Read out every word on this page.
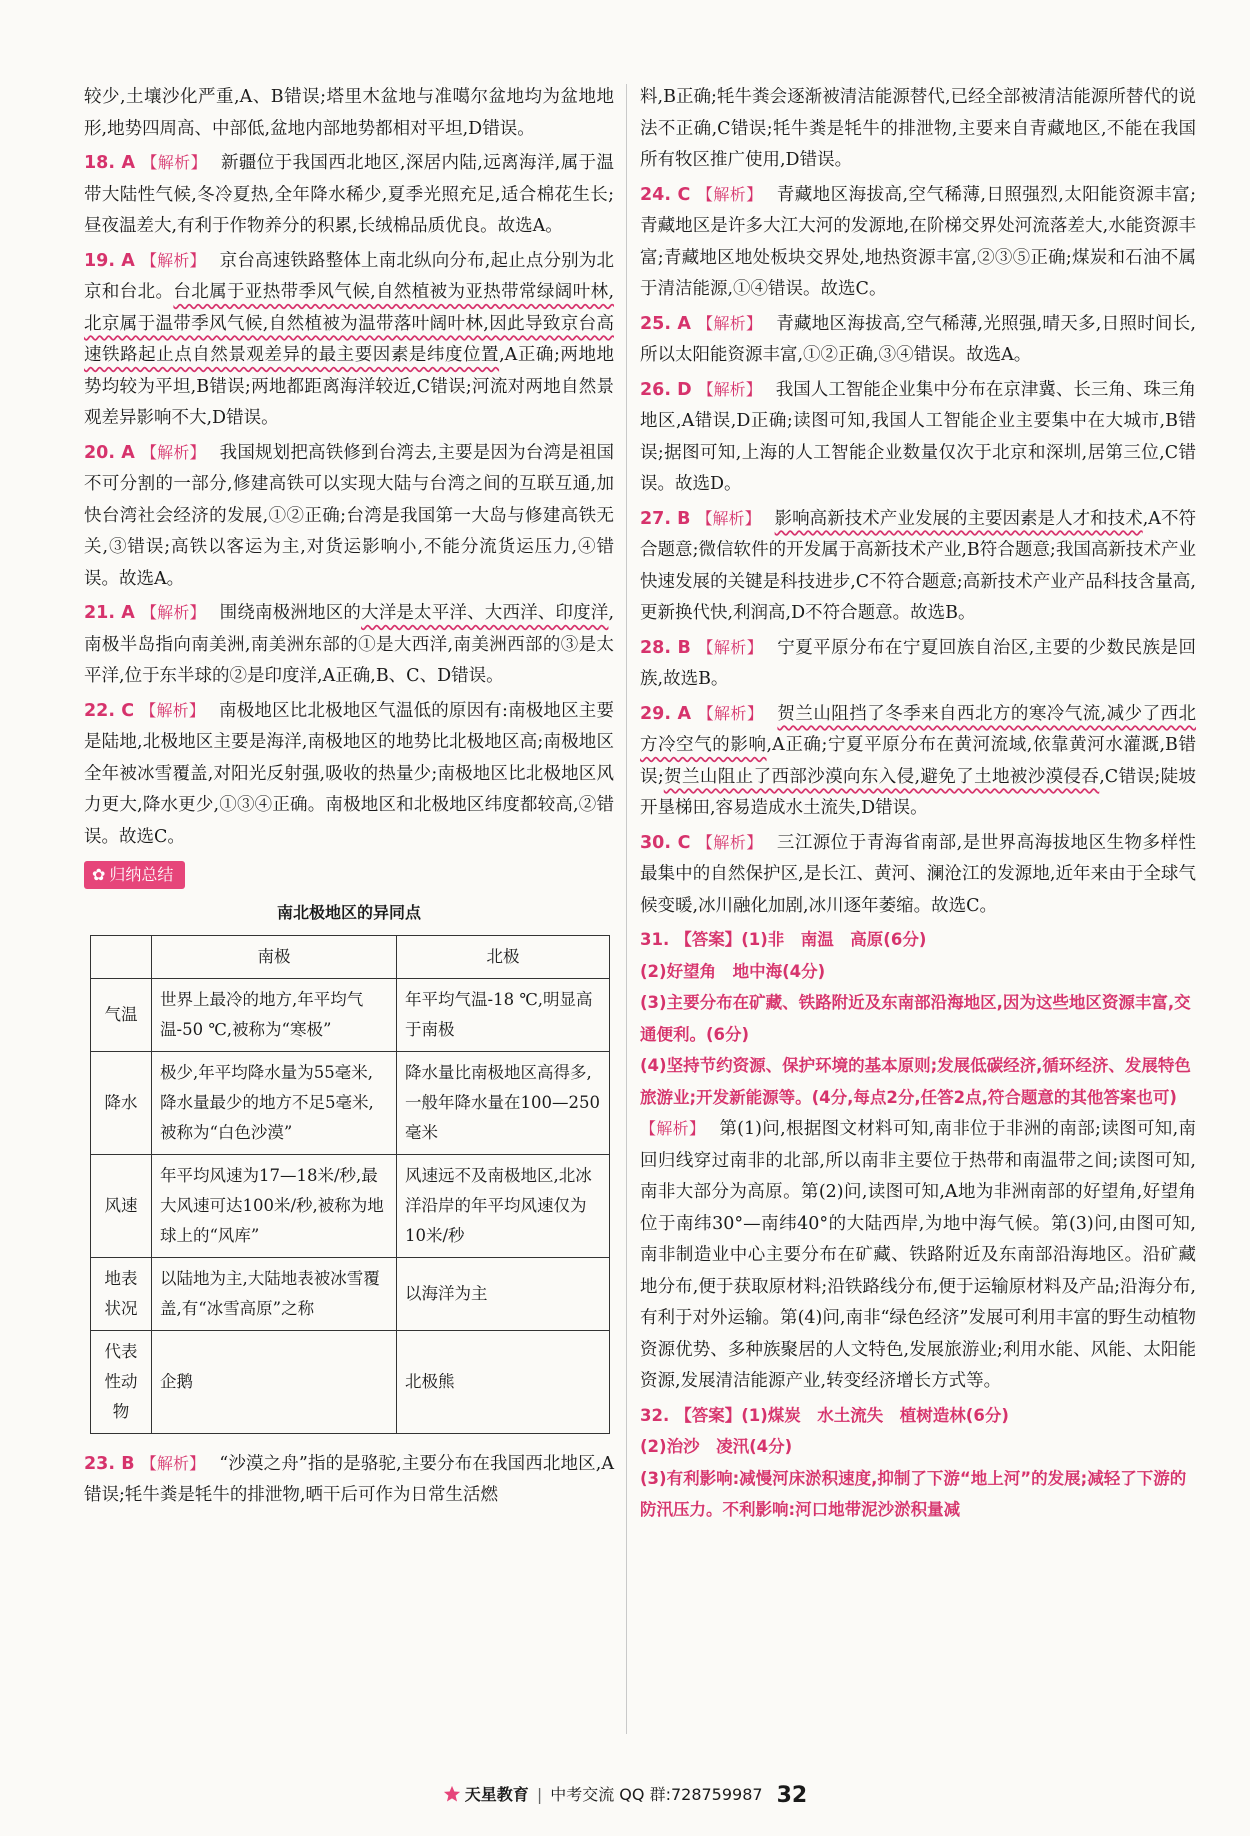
较少,土壤沙化严重,A、B错误;塔里木盆地与准噶尔盆地均为盆地地形,地势四周高、中部低,盆地内部地势都相对平坦,D错误。

18. A 【解析】 新疆位于我国西北地区,深居内陆,远离海洋,属于温带大陆性气候,冬冷夏热,全年降水稀少,夏季光照充足,适合棉花生长;昼夜温差大,有利于作物养分的积累,长绒棉品质优良。故选A。

19. A 【解析】 京台高速铁路整体上南北纵向分布,起止点分别为北京和台北。台北属于亚热带季风气候,自然植被为亚热带常绿阔叶林,北京属于温带季风气候,自然植被为温带落叶阔叶林,因此导致京台高速铁路起止点自然景观差异的最主要因素是纬度位置,A正确;两地地势均较为平坦,B错误;两地都距离海洋较近,C错误;河流对两地自然景观差异影响不大,D错误。

20. A 【解析】 我国规划把高铁修到台湾去,主要是因为台湾是祖国不可分割的一部分,修建高铁可以实现大陆与台湾之间的互联互通,加快台湾社会经济的发展,①②正确;台湾是我国第一大岛与修建高铁无关,③错误;高铁以客运为主,对货运影响小,不能分流货运压力,④错误。故选A。

21. A 【解析】 围绕南极洲地区的大洋是太平洋、大西洋、印度洋,南极半岛指向南美洲,南美洲东部的①是大西洋,南美洲西部的③是太平洋,位于东半球的②是印度洋,A正确,B、C、D错误。

22. C 【解析】 南极地区比北极地区气温低的原因有:南极地区主要是陆地,北极地区主要是海洋,南极地区的地势比北极地区高;南极地区全年被冰雪覆盖,对阳光反射强,吸收的热量少;南极地区比北极地区风力更大,降水更少,①③④正确。南极地区和北极地区纬度都较高,②错误。故选C。

✿ 归纳总结
南北极地区的异同点
	南极	北极
气温	世界上最冷的地方,年平均气温-50 ℃,被称为“寒极”	年平均气温-18 ℃,明显高于南极
降水	极少,年平均降水量为55毫米,降水量最少的地方不足5毫米,被称为“白色沙漠”	降水量比南极地区高得多,一般年降水量在100—250毫米
风速	年平均风速为17—18米/秒,最大风速可达100米/秒,被称为地球上的“风库”	风速远不及南极地区,北冰洋沿岸的年平均风速仅为10米/秒
地表状况	以陆地为主,大陆地表被冰雪覆盖,有“冰雪高原”之称	以海洋为主
代表性动物	企鹅	北极熊

23. B 【解析】 “沙漠之舟”指的是骆驼,主要分布在我国西北地区,A错误;牦牛粪是牦牛的排泄物,晒干后可作为日常生活燃

料,B正确;牦牛粪会逐渐被清洁能源替代,已经全部被清洁能源所替代的说法不正确,C错误;牦牛粪是牦牛的排泄物,主要来自青藏地区,不能在我国所有牧区推广使用,D错误。

24. C 【解析】 青藏地区海拔高,空气稀薄,日照强烈,太阳能资源丰富;青藏地区是许多大江大河的发源地,在阶梯交界处河流落差大,水能资源丰富;青藏地区地处板块交界处,地热资源丰富,②③⑤正确;煤炭和石油不属于清洁能源,①④错误。故选C。

25. A 【解析】 青藏地区海拔高,空气稀薄,光照强,晴天多,日照时间长,所以太阳能资源丰富,①②正确,③④错误。故选A。

26. D 【解析】 我国人工智能企业集中分布在京津冀、长三角、珠三角地区,A错误,D正确;读图可知,我国人工智能企业主要集中在大城市,B错误;据图可知,上海的人工智能企业数量仅次于北京和深圳,居第三位,C错误。故选D。

27. B 【解析】 影响高新技术产业发展的主要因素是人才和技术,A不符合题意;微信软件的开发属于高新技术产业,B符合题意;我国高新技术产业快速发展的关键是科技进步,C不符合题意;高新技术产业产品科技含量高,更新换代快,利润高,D不符合题意。故选B。

28. B 【解析】 宁夏平原分布在宁夏回族自治区,主要的少数民族是回族,故选B。

29. A 【解析】 贺兰山阻挡了冬季来自西北方的寒冷气流,减少了西北方冷空气的影响,A正确;宁夏平原分布在黄河流域,依靠黄河水灌溉,B错误;贺兰山阻止了西部沙漠向东入侵,避免了土地被沙漠侵吞,C错误;陡坡开垦梯田,容易造成水土流失,D错误。

30. C 【解析】 三江源位于青海省南部,是世界高海拔地区生物多样性最集中的自然保护区,是长江、黄河、澜沧江的发源地,近年来由于全球气候变暖,冰川融化加剧,冰川逐年萎缩。故选C。

31. 【答案】(1)非　南温　高原(6分)

(2)好望角　地中海(4分)

(3)主要分布在矿藏、铁路附近及东南部沿海地区,因为这些地区资源丰富,交通便利。(6分)

(4)坚持节约资源、保护环境的基本原则;发展低碳经济,循环经济、发展特色旅游业;开发新能源等。(4分,每点2分,任答2点,符合题意的其他答案也可)

【解析】 第(1)问,根据图文材料可知,南非位于非洲的南部;读图可知,南回归线穿过南非的北部,所以南非主要位于热带和南温带之间;读图可知,南非大部分为高原。第(2)问,读图可知,A地为非洲南部的好望角,好望角位于南纬30°—南纬40°的大陆西岸,为地中海气候。第(3)问,由图可知,南非制造业中心主要分布在矿藏、铁路附近及东南部沿海地区。沿矿藏地分布,便于获取原材料;沿铁路线分布,便于运输原材料及产品;沿海分布,有利于对外运输。第(4)问,南非“绿色经济”发展可利用丰富的野生动植物资源优势、多种族聚居的人文特色,发展旅游业;利用水能、风能、太阳能资源,发展清洁能源产业,转变经济增长方式等。

32. 【答案】(1)煤炭　水土流失　植树造林(6分)

(2)治沙　凌汛(4分)

(3)有利影响:减慢河床淤积速度,抑制了下游“地上河”的发展;减轻了下游的防汛压力。不利影响:河口地带泥沙淤积量减

天星教育 | 中考交流 QQ 群:728759987 32
